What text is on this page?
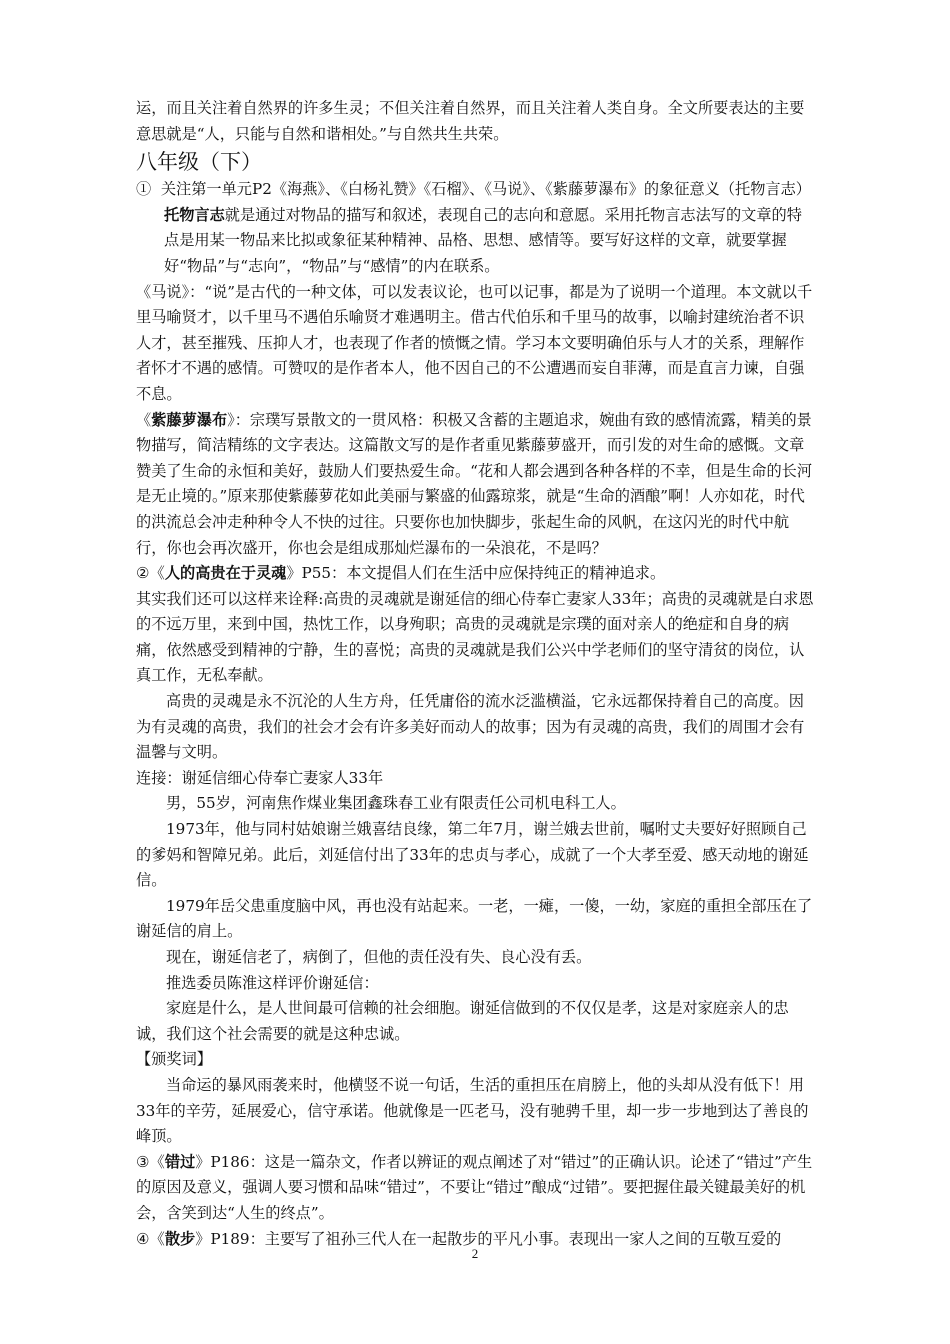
运，而且关注着自然界的许多生灵；不但关注着自然界，而且关注着人类自身。全文所要表达的主要意思就是“人，只能与自然和谐相处。”与自然共生共荣。

八年级（下）

① 关注第一单元P2《海燕》、《白杨礼赞》《石榴》、《马说》、《紫藤萝瀑布》的象征意义（托物言志）托物言志就是通过对物品的描写和叙述，表现自己的志向和意愿。采用托物言志法写的文章的特点是用某一物品来比拟或象征某种精神、品格、思想、感情等。要写好这样的文章，就要掌握好“物品”与“志向”，“物品”与“感情”的内在联系。

《马说》：“说”是古代的一种文体，可以发表议论，也可以记事，都是为了说明一个道理。本文就以千里马喻贤才，以千里马不遇伯乐喻贤才难遇明主。借古代伯乐和千里马的故事，以喻封建统治者不识人才，甚至摧残、压抑人才，也表现了作者的愤慨之情。学习本文要明确伯乐与人才的关系，理解作者怀才不遇的感情。可赞叹的是作者本人，他不因自己的不公遭遇而妄自菲薄，而是直言力谏，自强不息。

《紫藤萝瀑布》：宗璞写景散文的一贯风格：积极又含蓄的主题追求，婉曲有致的感情流露，精美的景物描写，简洁精练的文字表达。这篇散文写的是作者重见紫藤萝盛开，而引发的对生命的感慨。文章赞美了生命的永恒和美好，鼓励人们要热爱生命。“花和人都会遇到各种各样的不幸，但是生命的长河是无止境的。”原来那使紫藤萝花如此美丽与繁盛的仙露琼浆，就是“生命的酒酿”啊！人亦如花，时代的洪流总会冲走种种令人不快的过往。只要你也加快脚步，张起生命的风帆，在这闪光的时代中航行，你也会再次盛开，你也会是组成那灿烂瀑布的一朵浪花，不是吗？

②《人的高贵在于灵魂》P55：本文提倡人们在生活中应保持纯正的精神追求。

其实我们还可以这样来诠释:高贵的灵魂就是谢延信的细心侍奉亡妻家人33年；高贵的灵魂就是白求恩的不远万里，来到中国，热忱工作，以身殉职；高贵的灵魂就是宗璞的面对亲人的绝症和自身的病痛，依然感受到精神的宁静，生的喜悦；高贵的灵魂就是我们公兴中学老师们的坚守清贫的岗位，认真工作，无私奉献。

高贵的灵魂是永不沉沦的人生方舟，任凭庸俗的流水泛滥横溢，它永远都保持着自己的高度。因为有灵魂的高贵，我们的社会才会有许多美好而动人的故事；因为有灵魂的高贵，我们的周围才会有温馨与文明。

连接：谢延信细心侍奉亡妻家人33年

男，55岁，河南焦作煤业集团鑫珠春工业有限责任公司机电科工人。

1973年，他与同村姑娘谢兰娥喜结良缘，第二年7月，谢兰娥去世前，嘱咐丈夫要好好照顾自己的爹妈和智障兄弟。此后，刘延信付出了33年的忠贞与孝心，成就了一个大孝至爱、感天动地的谢延信。

1979年岳父患重度脑中风，再也没有站起来。一老，一瘫，一傻，一幼，家庭的重担全部压在了谢延信的肩上。

现在，谢延信老了，病倒了，但他的责任没有失、良心没有丢。

推选委员陈淮这样评价谢延信：

家庭是什么，是人世间最可信赖的社会细胞。谢延信做到的不仅仅是孝，这是对家庭亲人的忠诚，我们这个社会需要的就是这种忠诚。

【颁奖词】

当命运的暴风雨袭来时，他横竖不说一句话，生活的重担压在肩膀上，他的头却从没有低下！用33年的辛劳，延展爱心，信守承诺。他就像是一匹老马，没有驰骋千里，却一步一步地到达了善良的峰顶。

③《错过》P186：这是一篇杂文，作者以辨证的观点阐述了对“错过”的正确认识。论述了“错过”产生的原因及意义，强调人要习惯和品味“错过”，不要让“错过”酿成“过错”。要把握住最关键最美好的机会，含笑到达“人生的终点”。

④《散步》P189：主要写了祖孙三代人在一起散步的平凡小事。表现出一家人之间的互敬互爱的

2
